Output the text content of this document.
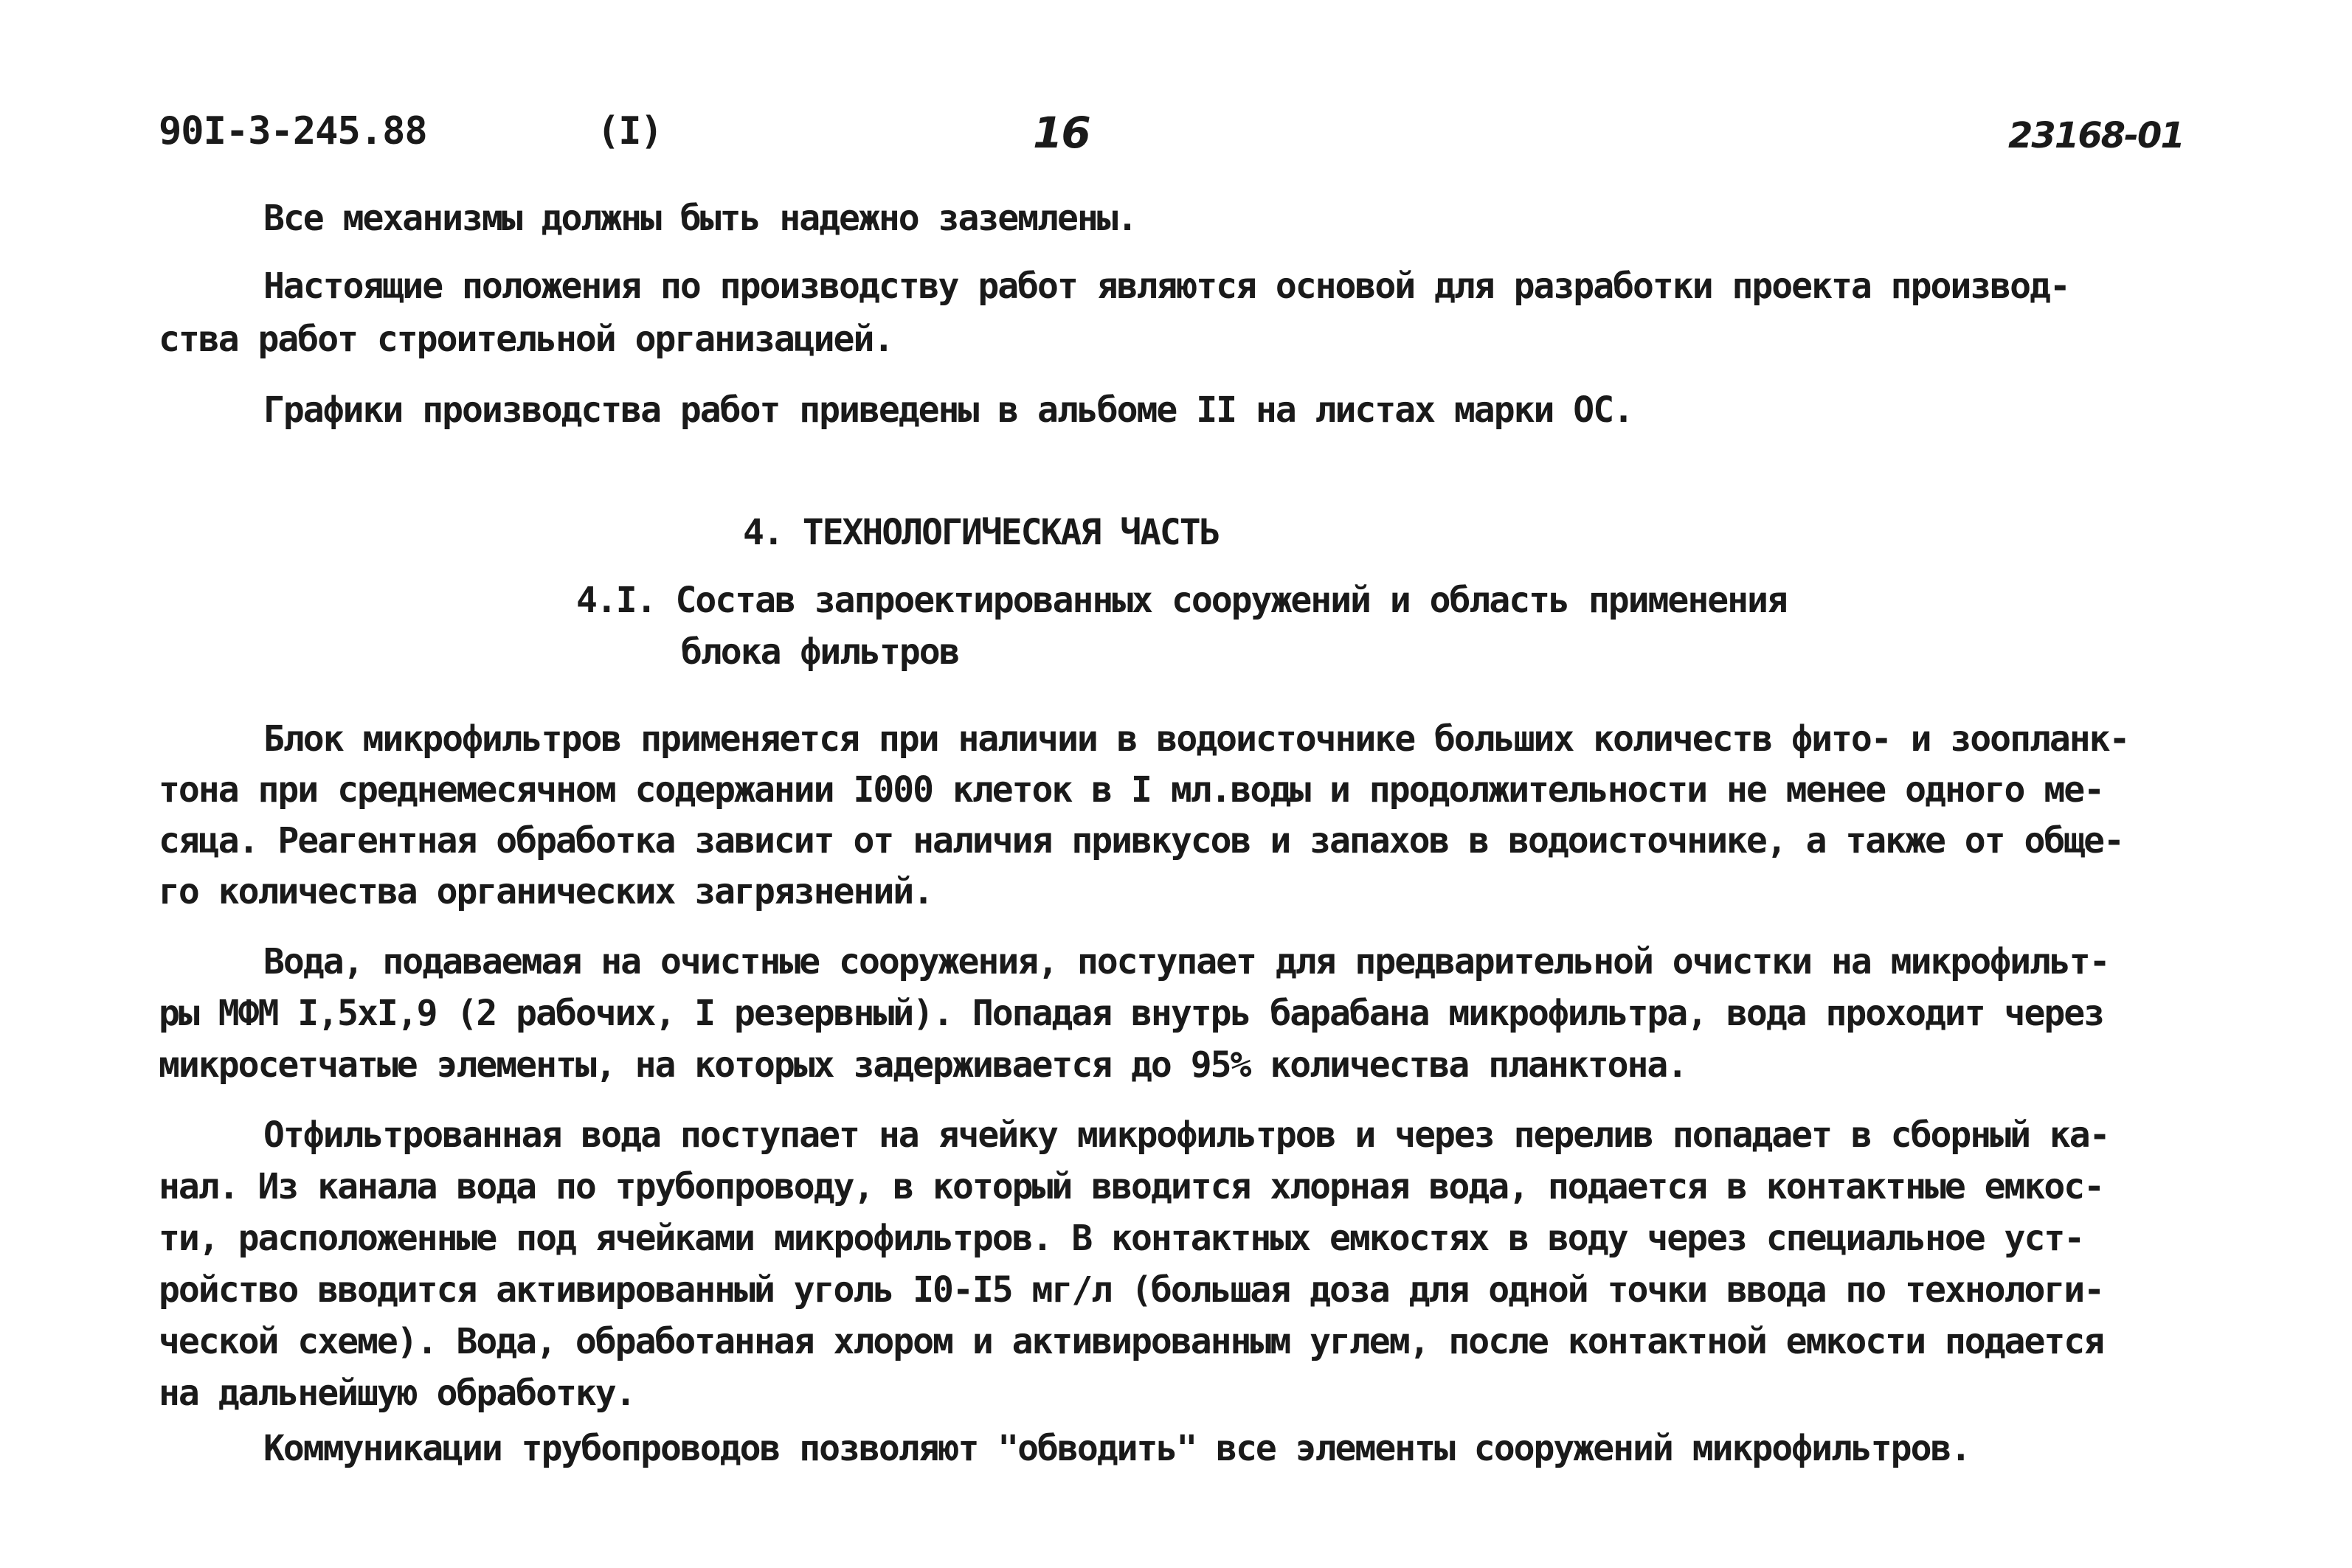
90I-3-245.88	(I)	16	23168-01
Все механизмы должны быть надежно заземлены.
Настоящие положения по производству работ являются основой для разработки проекта производ-
ства работ строительной организацией.
Графики производства работ приведены в альбоме II на листах марки ОС.
4. ТЕХНОЛОГИЧЕСКАЯ ЧАСТЬ
4.I. Состав запроектированных сооружений и область применения
блока фильтров
Блок микрофильтров применяется при наличии в водоисточнике больших количеств фито- и зоопланк-
тона при среднемесячном содержании I000 клеток в I мл.воды и продолжительности не менее одного ме-
сяца. Реагентная обработка зависит от наличия привкусов и запахов в водоисточнике, а также от обще-
го количества органических загрязнений.
Вода, подаваемая на очистные сооружения, поступает для предварительной очистки на микрофильт-
ры МФМ I,5хI,9 (2 рабочих, I резервный). Попадая внутрь барабана микрофильтра, вода проходит через
микросетчатые элементы, на которых задерживается до 95% количества планктона.
Отфильтрованная вода поступает на ячейку микрофильтров и через перелив попадает в сборный ка-
нал. Из канала вода по трубопроводу, в который вводится хлорная вода, подается в контактные емкос-
ти, расположенные под ячейками микрофильтров. В контактных емкостях в воду через специальное уст-
ройство вводится активированный уголь I0-I5 мг/л (большая доза для одной точки ввода по технологи-
ческой схеме). Вода, обработанная хлором и активированным углем, после контактной емкости подается
на дальнейшую обработку.
Коммуникации трубопроводов позволяют "обводить" все элементы сооружений микрофильтров.
